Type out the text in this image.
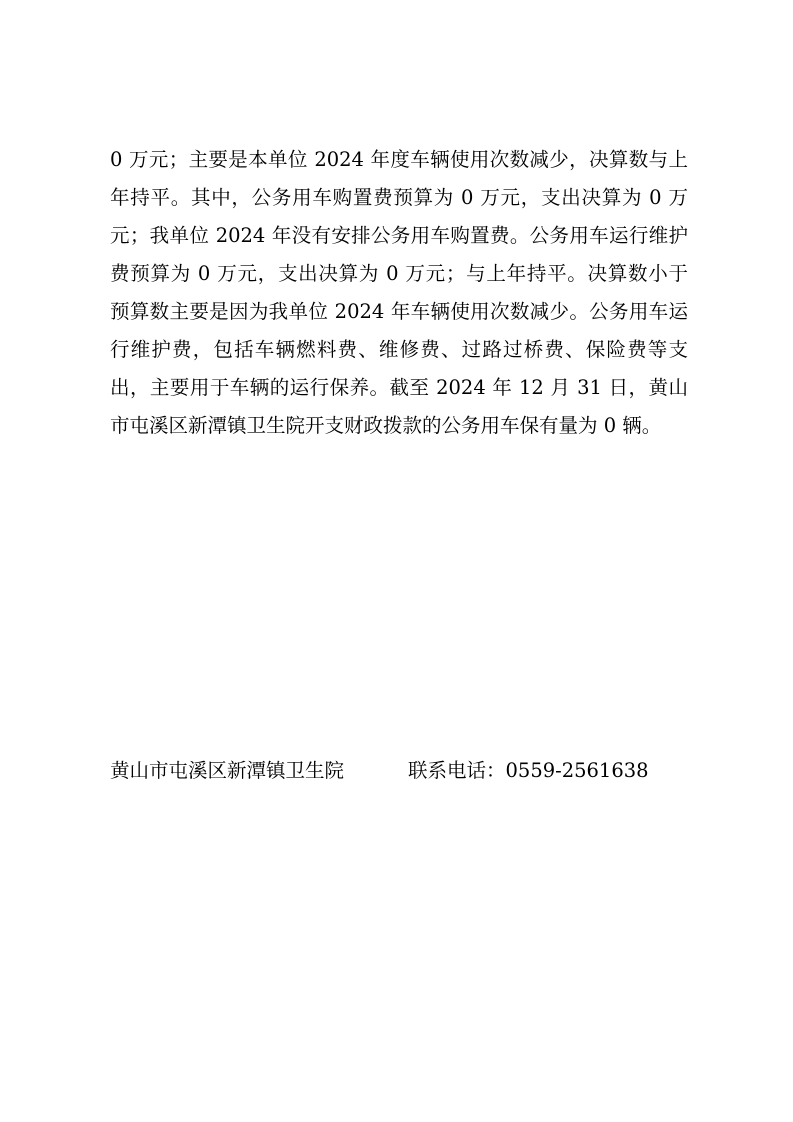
0 万元；主要是本单位 2024 年度车辆使用次数减少，决算数与上
年持平。其中，公务用车购置费预算为 0 万元，支出决算为 0 万
元；我单位 2024 年没有安排公务用车购置费。公务用车运行维护
费预算为 0 万元，支出决算为 0 万元；与上年持平。决算数小于
预算数主要是因为我单位 2024 年车辆使用次数减少。公务用车运
行维护费，包括车辆燃料费、维修费、过路过桥费、保险费等支
出，主要用于车辆的运行保养。截至 2024 年 12 月 31 日，黄山
市屯溪区新潭镇卫生院开支财政拨款的公务用车保有量为 0 辆。
黄山市屯溪区新潭镇卫生院	联系电话：0559-2561638
